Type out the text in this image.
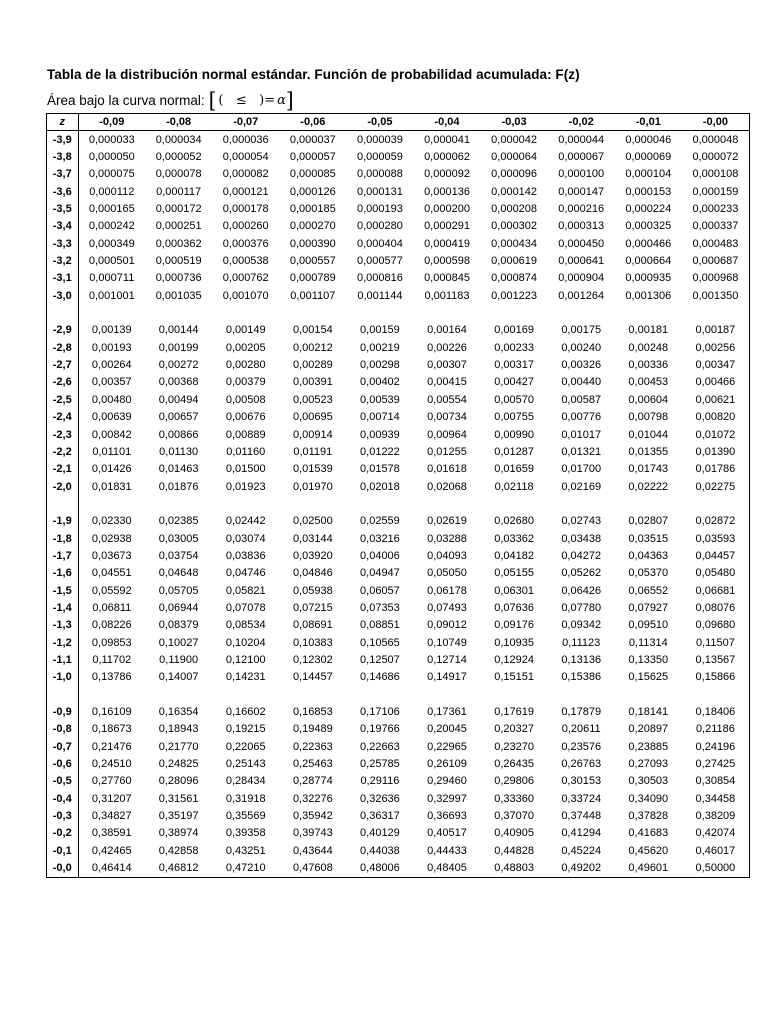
Tabla de la distribución normal estándar. Función de probabilidad acumulada: F(z)
Área bajo la curva normal: [ (   ≤   )= α ]
z	-0,09	-0,08	-0,07	-0,06	-0,05	-0,04	-0,03	-0,02	-0,01	-0,00
-3,9	0,000033	0,000034	0,000036	0,000037	0,000039	0,000041	0,000042	0,000044	0,000046	0,000048
-3,8	0,000050	0,000052	0,000054	0,000057	0,000059	0,000062	0,000064	0,000067	0,000069	0,000072
-3,7	0,000075	0,000078	0,000082	0,000085	0,000088	0,000092	0,000096	0,000100	0,000104	0,000108
-3,6	0,000112	0,000117	0,000121	0,000126	0,000131	0,000136	0,000142	0,000147	0,000153	0,000159
-3,5	0,000165	0,000172	0,000178	0,000185	0,000193	0,000200	0,000208	0,000216	0,000224	0,000233
-3,4	0,000242	0,000251	0,000260	0,000270	0,000280	0,000291	0,000302	0,000313	0,000325	0,000337
-3,3	0,000349	0,000362	0,000376	0,000390	0,000404	0,000419	0,000434	0,000450	0,000466	0,000483
-3,2	0,000501	0,000519	0,000538	0,000557	0,000577	0,000598	0,000619	0,000641	0,000664	0,000687
-3,1	0,000711	0,000736	0,000762	0,000789	0,000816	0,000845	0,000874	0,000904	0,000935	0,000968
-3,0	0,001001	0,001035	0,001070	0,001107	0,001144	0,001183	0,001223	0,001264	0,001306	0,001350

-2,9	0,00139	0,00144	0,00149	0,00154	0,00159	0,00164	0,00169	0,00175	0,00181	0,00187
-2,8	0,00193	0,00199	0,00205	0,00212	0,00219	0,00226	0,00233	0,00240	0,00248	0,00256
-2,7	0,00264	0,00272	0,00280	0,00289	0,00298	0,00307	0,00317	0,00326	0,00336	0,00347
-2,6	0,00357	0,00368	0,00379	0,00391	0,00402	0,00415	0,00427	0,00440	0,00453	0,00466
-2,5	0,00480	0,00494	0,00508	0,00523	0,00539	0,00554	0,00570	0,00587	0,00604	0,00621
-2,4	0,00639	0,00657	0,00676	0,00695	0,00714	0,00734	0,00755	0,00776	0,00798	0,00820
-2,3	0,00842	0,00866	0,00889	0,00914	0,00939	0,00964	0,00990	0,01017	0,01044	0,01072
-2,2	0,01101	0,01130	0,01160	0,01191	0,01222	0,01255	0,01287	0,01321	0,01355	0,01390
-2,1	0,01426	0,01463	0,01500	0,01539	0,01578	0,01618	0,01659	0,01700	0,01743	0,01786
-2,0	0,01831	0,01876	0,01923	0,01970	0,02018	0,02068	0,02118	0,02169	0,02222	0,02275

-1,9	0,02330	0,02385	0,02442	0,02500	0,02559	0,02619	0,02680	0,02743	0,02807	0,02872
-1,8	0,02938	0,03005	0,03074	0,03144	0,03216	0,03288	0,03362	0,03438	0,03515	0,03593
-1,7	0,03673	0,03754	0,03836	0,03920	0,04006	0,04093	0,04182	0,04272	0,04363	0,04457
-1,6	0,04551	0,04648	0,04746	0,04846	0,04947	0,05050	0,05155	0,05262	0,05370	0,05480
-1,5	0,05592	0,05705	0,05821	0,05938	0,06057	0,06178	0,06301	0,06426	0,06552	0,06681
-1,4	0,06811	0,06944	0,07078	0,07215	0,07353	0,07493	0,07636	0,07780	0,07927	0,08076
-1,3	0,08226	0,08379	0,08534	0,08691	0,08851	0,09012	0,09176	0,09342	0,09510	0,09680
-1,2	0,09853	0,10027	0,10204	0,10383	0,10565	0,10749	0,10935	0,11123	0,11314	0,11507
-1,1	0,11702	0,11900	0,12100	0,12302	0,12507	0,12714	0,12924	0,13136	0,13350	0,13567
-1,0	0,13786	0,14007	0,14231	0,14457	0,14686	0,14917	0,15151	0,15386	0,15625	0,15866

-0,9	0,16109	0,16354	0,16602	0,16853	0,17106	0,17361	0,17619	0,17879	0,18141	0,18406
-0,8	0,18673	0,18943	0,19215	0,19489	0,19766	0,20045	0,20327	0,20611	0,20897	0,21186
-0,7	0,21476	0,21770	0,22065	0,22363	0,22663	0,22965	0,23270	0,23576	0,23885	0,24196
-0,6	0,24510	0,24825	0,25143	0,25463	0,25785	0,26109	0,26435	0,26763	0,27093	0,27425
-0,5	0,27760	0,28096	0,28434	0,28774	0,29116	0,29460	0,29806	0,30153	0,30503	0,30854
-0,4	0,31207	0,31561	0,31918	0,32276	0,32636	0,32997	0,33360	0,33724	0,34090	0,34458
-0,3	0,34827	0,35197	0,35569	0,35942	0,36317	0,36693	0,37070	0,37448	0,37828	0,38209
-0,2	0,38591	0,38974	0,39358	0,39743	0,40129	0,40517	0,40905	0,41294	0,41683	0,42074
-0,1	0,42465	0,42858	0,43251	0,43644	0,44038	0,44433	0,44828	0,45224	0,45620	0,46017
-0,0	0,46414	0,46812	0,47210	0,47608	0,48006	0,48405	0,48803	0,49202	0,49601	0,50000
